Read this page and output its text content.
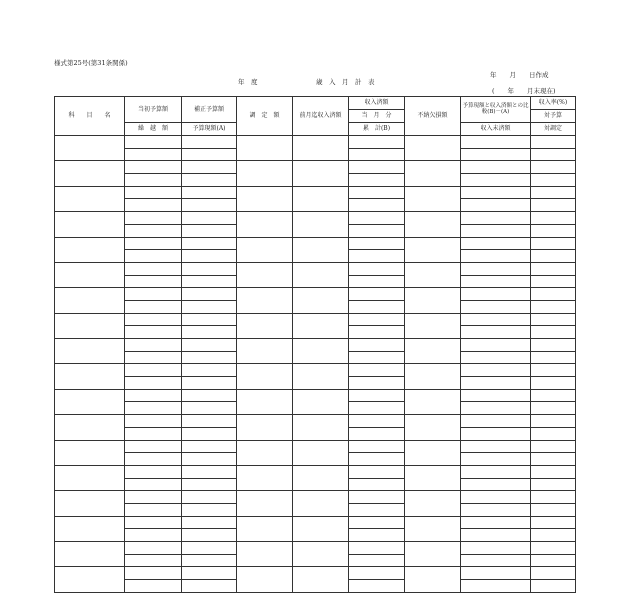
様式第25号(第31条関係)
年　　月　　日作成
年　度	歳　入　月　計　表
(　　年　　月末現在)
科　　目　　名	当初予算額	補正予算額	調　定　額	前月迄収入済額	収入済額	不納欠損額	予算現額と収入済額との比較(B)－(A)	収入率(%)
					当　月　分			対予算
	繰　越　額	予算現額(A)			累　計(B)		収入未済額	対調定
